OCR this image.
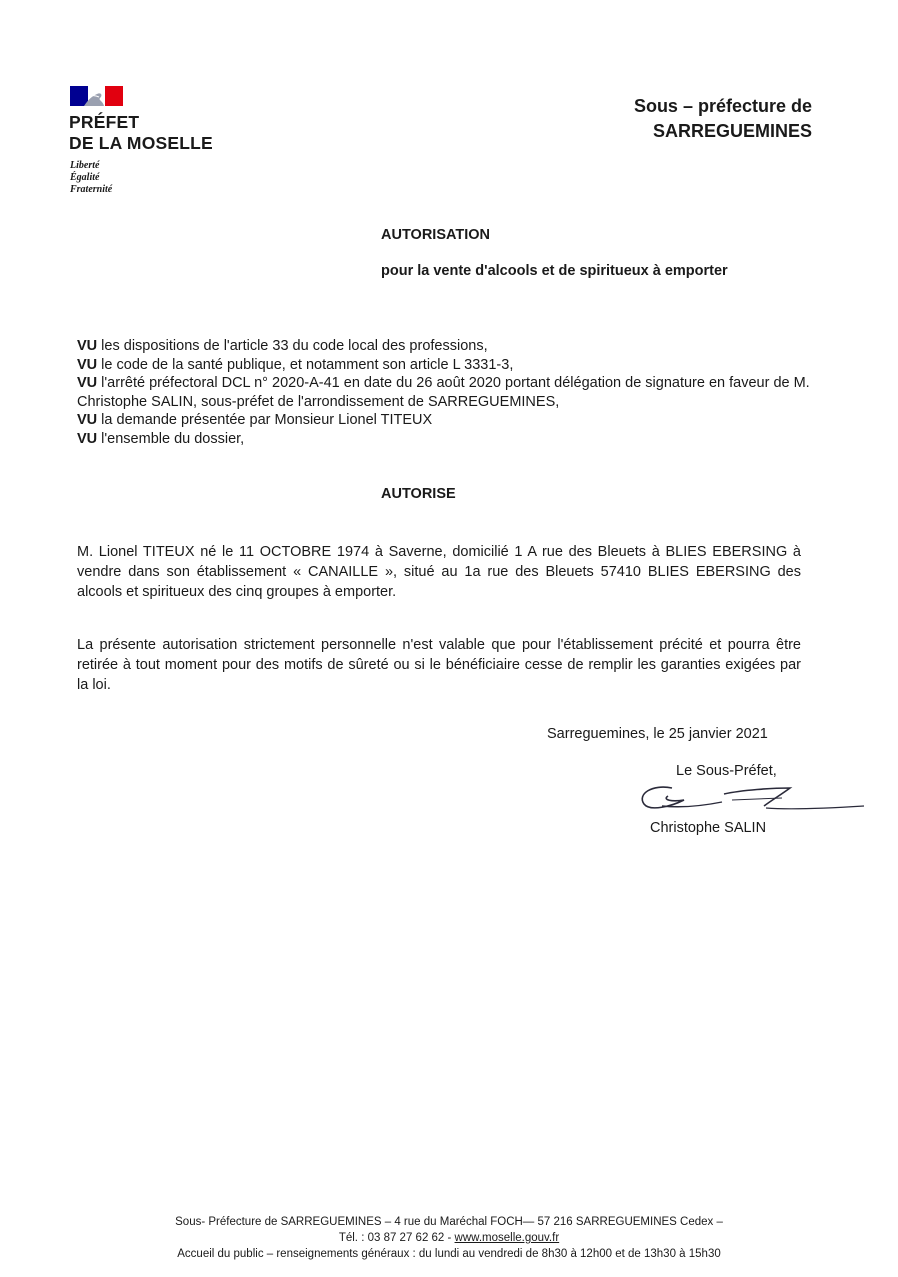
PRÉFET
DE LA MOSELLE
Liberté
Égalité
Fraternité
Sous – préfecture de
SARREGUEMINES
AUTORISATION
pour la vente d'alcools et de spiritueux à emporter
VU les dispositions de l'article 33 du code local des professions,
VU le code de la santé publique, et notamment son article L 3331-3,
VU l'arrêté préfectoral DCL n° 2020-A-41 en date du 26 août 2020 portant délégation de signature en faveur de M. Christophe SALIN, sous-préfet de l'arrondissement de SARREGUEMINES,
VU la demande présentée par Monsieur Lionel TITEUX
VU l'ensemble du dossier,
AUTORISE
M. Lionel TITEUX né le 11 OCTOBRE 1974 à Saverne, domicilié 1 A rue des Bleuets à BLIES EBERSING à vendre dans son établissement « CANAILLE », situé au 1a rue des Bleuets 57410 BLIES EBERSING des alcools et spiritueux des cinq groupes à emporter.
La présente autorisation strictement personnelle n'est valable que pour l'établissement précité et pourra être retirée à tout moment pour des motifs de sûreté ou si le bénéficiaire cesse de remplir les garanties exigées par la loi.
Sarreguemines, le 25 janvier 2021
Le Sous-Préfet,
Christophe SALIN
Sous- Préfecture de SARREGUEMINES – 4 rue du Maréchal FOCH— 57 216 SARREGUEMINES Cedex –
Tél. : 03 87 27 62 62 - www.moselle.gouv.fr
Accueil du public – renseignements généraux : du lundi au vendredi de 8h30 à 12h00 et de 13h30 à 15h30
